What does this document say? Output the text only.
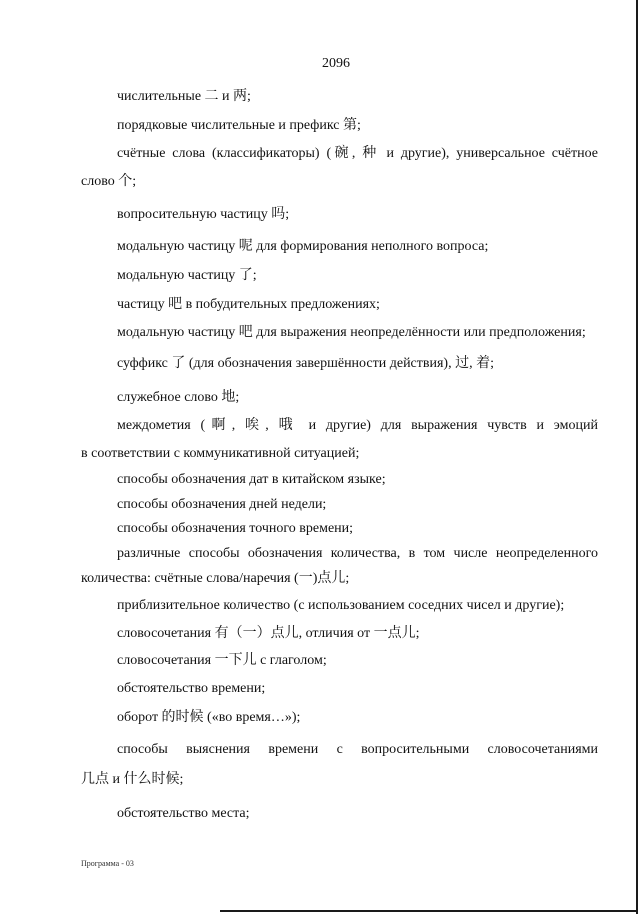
2096
числительные 二 и 两;
порядковые числительные и префикс 第;
счётные слова (классификаторы) (碗, 种 и другие), универсальное счётное
слово 个;
вопросительную частицу 吗;
модальную частицу 呢 для формирования неполного вопроса;
модальную частицу 了;
частицу 吧 в побудительных предложениях;
модальную частицу 吧 для выражения неопределённости или предположения;
суффикс 了 (для обозначения завершённости действия), 过, 着;
служебное слово 地;
междометия (啊, 唉, 哦 и другие) для выражения чувств и эмоций
в соответствии с коммуникативной ситуацией;
способы обозначения дат в китайском языке;
способы обозначения дней недели;
способы обозначения точного времени;
различные способы обозначения количества, в том числе неопределенного
количества: счётные слова/наречия (一)点儿;
приблизительное количество (с использованием соседних чисел и другие);
словосочетания 有（一）点儿, отличия от 一点儿;
словосочетания 一下儿 с глаголом;
обстоятельство времени;
оборот 的时候 («во время…»);
способы выяснения времени с вопросительными словосочетаниями
几点 и 什么时候;
обстоятельство места;
Программа - 03
